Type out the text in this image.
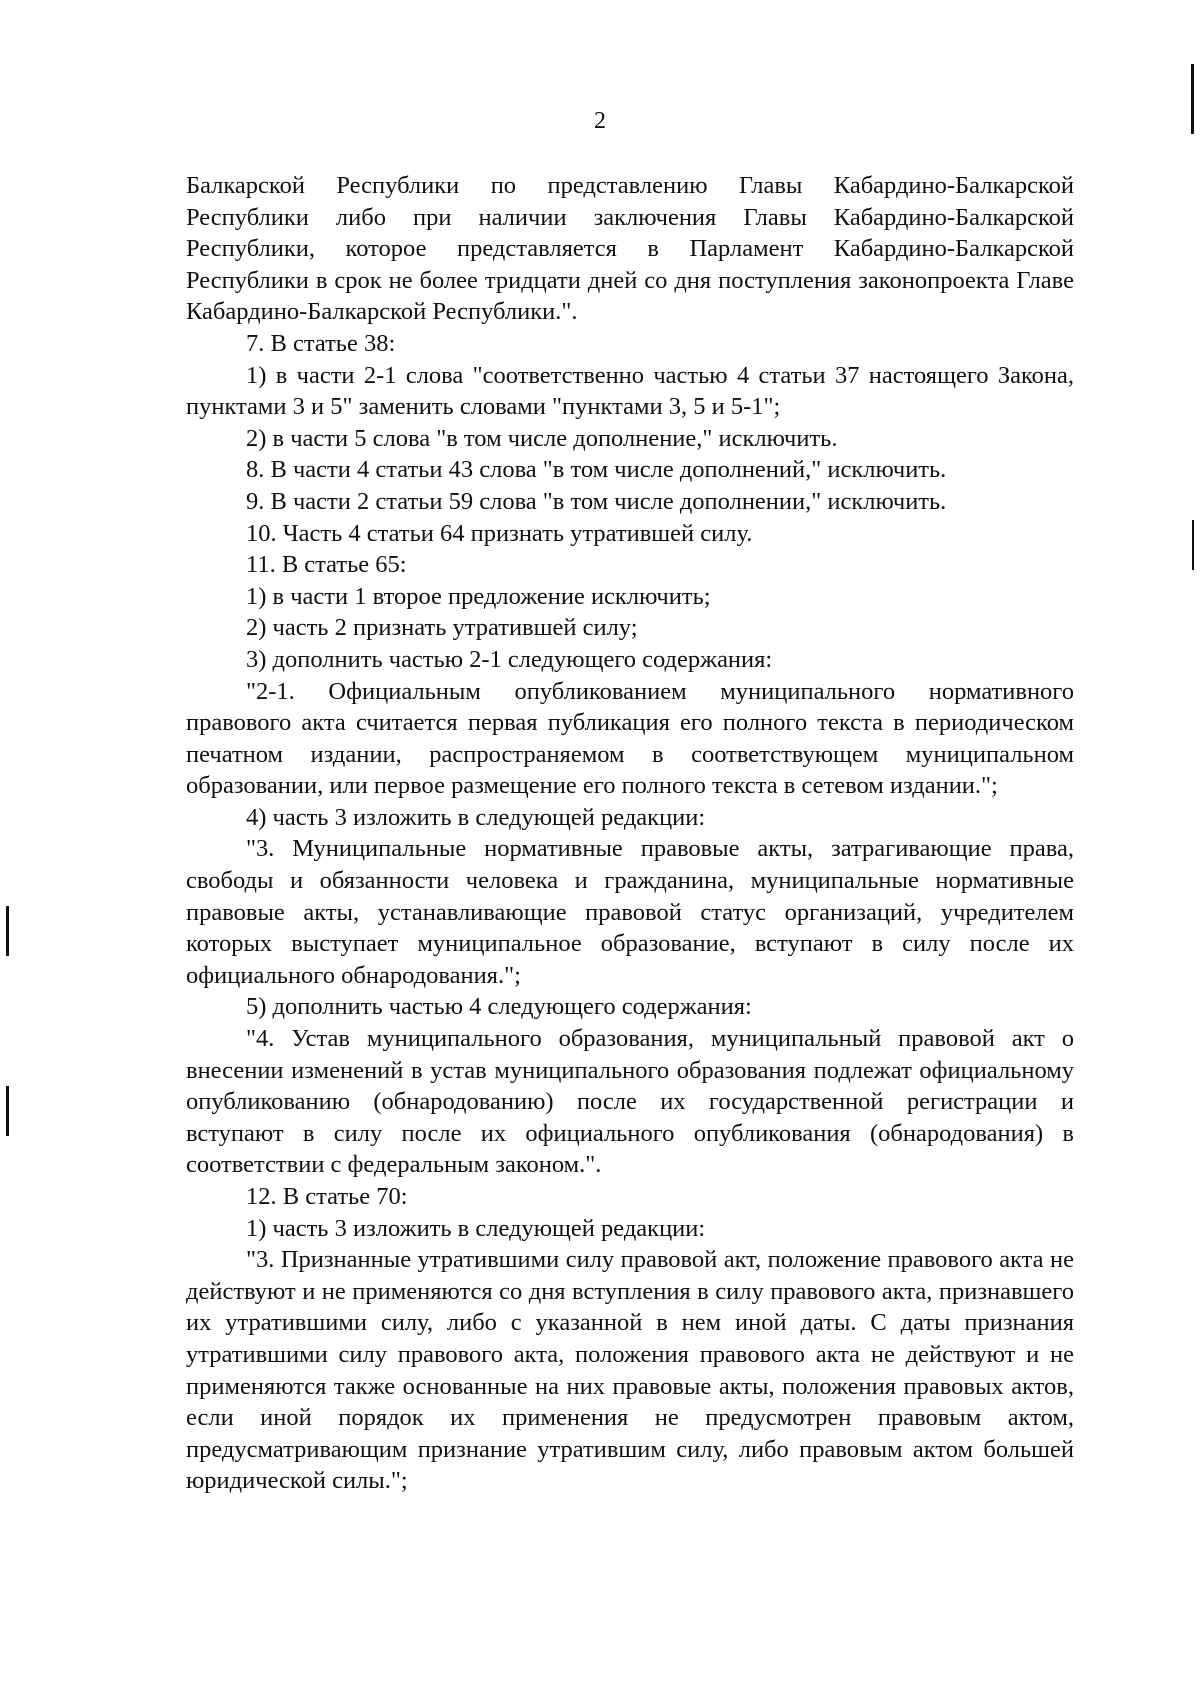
2

Балкарской Республики по представлению Главы Кабардино-Балкарской Республики либо при наличии заключения Главы Кабардино-Балкарской Республики, которое представляется в Парламент Кабардино-Балкарской Республики в срок не более тридцати дней со дня поступления законопроекта Главе Кабардино-Балкарской Республики.".

7. В статье 38:

1) в части 2-1 слова "соответственно частью 4 статьи 37 настоящего Закона, пунктами 3 и 5" заменить словами "пунктами 3, 5 и 5-1";

2) в части 5 слова "в том числе дополнение," исключить.

8. В части 4 статьи 43 слова "в том числе дополнений," исключить.

9. В части 2 статьи 59 слова "в том числе дополнении," исключить.

10. Часть 4 статьи 64 признать утратившей силу.

11. В статье 65:

1) в части 1 второе предложение исключить;

2) часть 2 признать утратившей силу;

3) дополнить частью 2-1 следующего содержания:

"2-1. Официальным опубликованием муниципального нормативного правового акта считается первая публикация его полного текста в периодическом печатном издании, распространяемом в соответствующем муниципальном образовании, или первое размещение его полного текста в сетевом издании.";

4) часть 3 изложить в следующей редакции:

"3. Муниципальные нормативные правовые акты, затрагивающие права, свободы и обязанности человека и гражданина, муниципальные нормативные правовые акты, устанавливающие правовой статус организаций, учредителем которых выступает муниципальное образование, вступают в силу после их официального обнародования.";

5) дополнить частью 4 следующего содержания:

"4. Устав муниципального образования, муниципальный правовой акт о внесении изменений в устав муниципального образования подлежат официальному опубликованию (обнародованию) после их государственной регистрации и вступают в силу после их официального опубликования (обнародования) в соответствии с федеральным законом.".

12. В статье 70:

1) часть 3 изложить в следующей редакции:

"3. Признанные утратившими силу правовой акт, положение правового акта не действуют и не применяются со дня вступления в силу правового акта, признавшего их утратившими силу, либо с указанной в нем иной даты. С даты признания утратившими силу правового акта, положения правового акта не действуют и не применяются также основанные на них правовые акты, положения правовых актов, если иной порядок их применения не предусмотрен правовым актом, предусматривающим признание утратившим силу, либо правовым актом большей юридической силы.";
